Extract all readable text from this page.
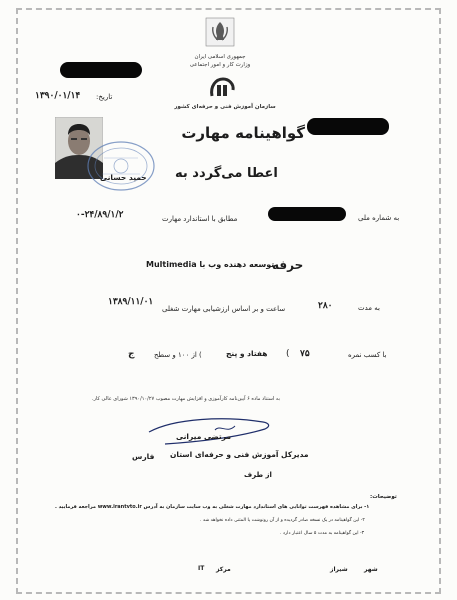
جمهوری اسلامی ایران
وزارت کار و امور اجتماعی
سازمان آموزش فنی و حرفه‌ای کشور
تاریخ:
۱۳۹۰/۰۱/۱۴
گواهینامه مهارت
اعطا می‌گردد به
حمید حسانی
به شماره ملی
مطابق با استاندارد مهارت
۰-۲۴/۸۹/۱/۲
حرفه
توسعه دهنده وب با Multimedia
به مدت
۲۸۰
ساعت و بر اساس ارزشیابی مهارت شغلی
۱۳۸۹/۱۱/۰۱
با کسب نمره
۷۵
(
هفتاد و پنج
) از ۱۰۰ و سطح
ج
به استناد ماده ۶ آیین‌نامه کارآموزی و افزایش مهارت مصوب ۱۳۹۰/۱۰/۲۷ شورای عالی کار.
مرتضی میرانی
مدیرکل آموزش فنی و حرفه‌ای استان
فارس
از طرف
توضیحات:
۱- برای مشاهده فهرست توانایی های استاندارد مهارت شغلی به وب سایت سازمان به آدرس www.irantvto.ir مراجعه فرمایید .
۲- این گواهینامه در یک نسخه صادر گردیده و از آن رونوشت یا المثنی داده نخواهد شد .
۳- این گواهینامه به مدت ۵ سال اعتبار دارد .
شهر
شیراز
مرکز
IT
